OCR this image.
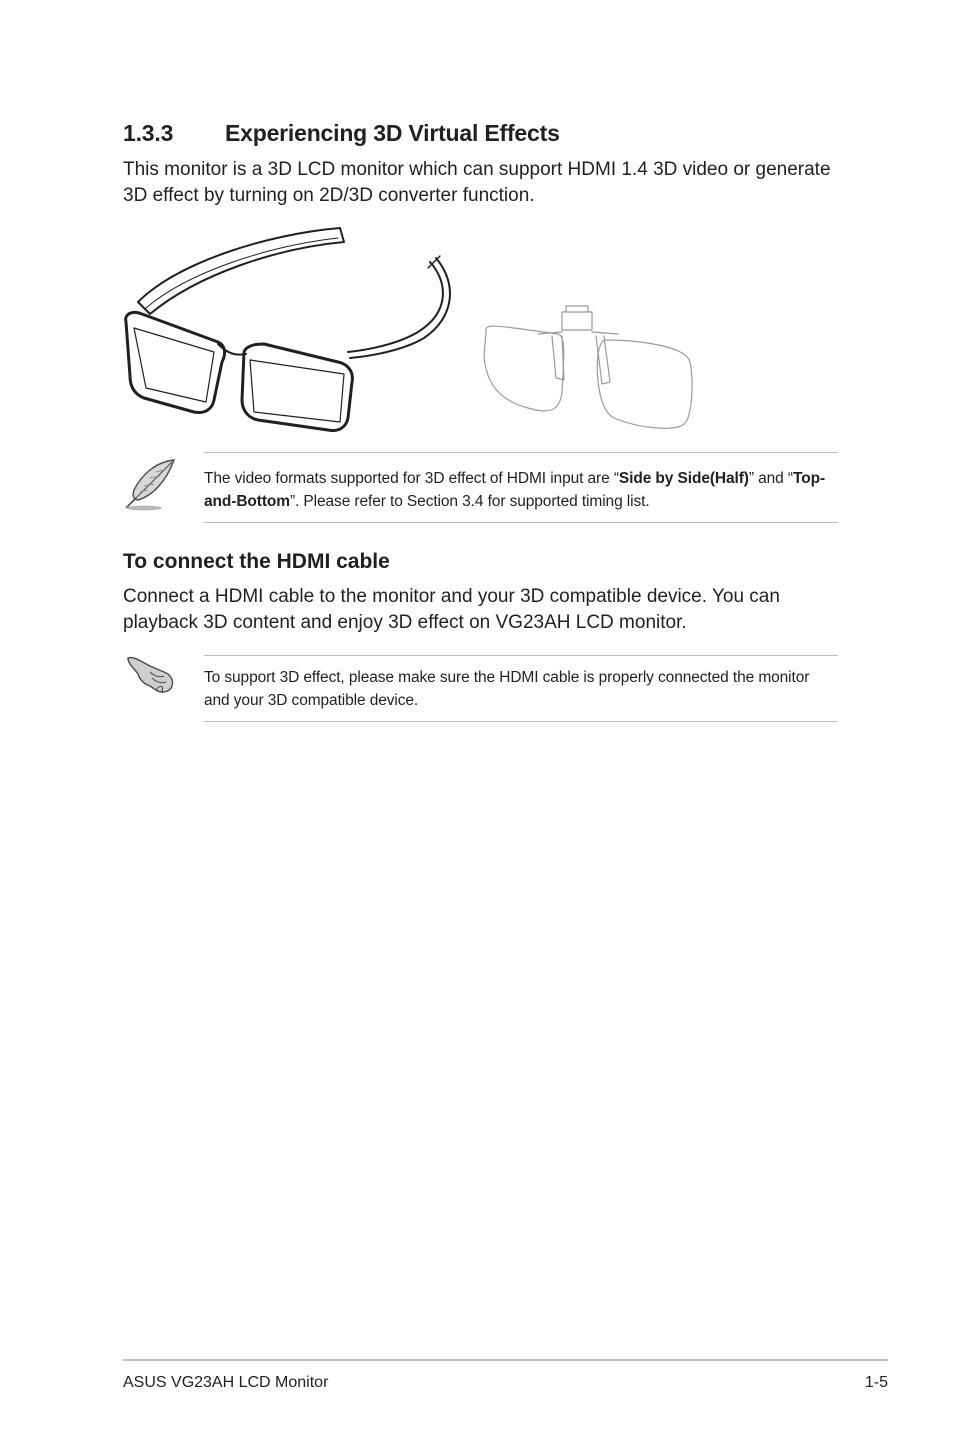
1.3.3 Experiencing 3D Virtual Effects
This monitor is a 3D LCD monitor which can support HDMI 1.4 3D video or generate 3D effect by turning on 2D/3D converter function.
The video formats supported for 3D effect of HDMI input are “Side by Side(Half)” and “Top-and-Bottom”. Please refer to Section 3.4 for supported timing list.
To connect the HDMI cable
Connect a HDMI cable to the monitor and your 3D compatible device. You can playback 3D content and enjoy 3D effect on VG23AH LCD monitor.
To support 3D effect, please make sure the HDMI cable is properly connected the monitor and your 3D compatible device.
ASUS VG23AH LCD Monitor	1-5
